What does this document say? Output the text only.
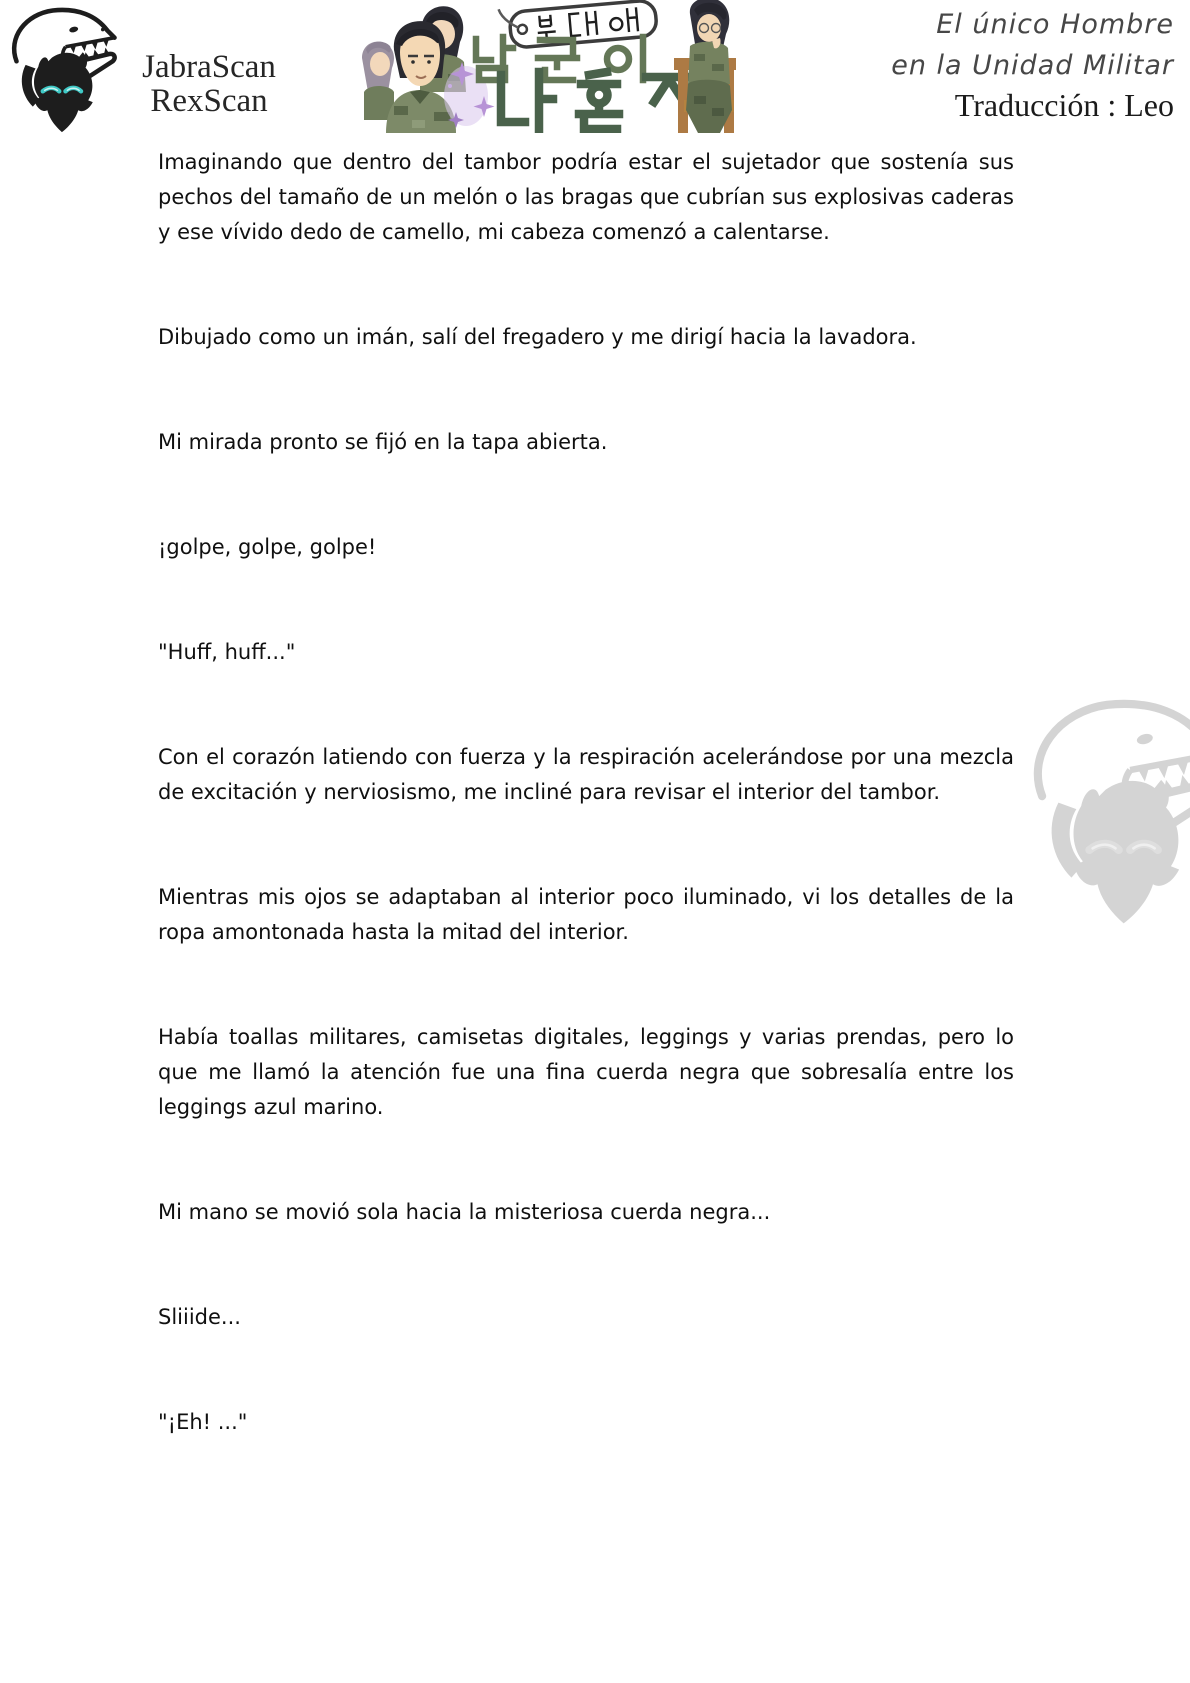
JabraScan
RexScan
El único Hombre
en la Unidad Militar
Traducción : Leo

Imaginando que dentro del tambor podría estar el sujetador que sostenía sus pechos del tamaño de un melón o las bragas que cubrían sus explosivas caderas y ese vívido dedo de camello, mi cabeza comenzó a calentarse.

Dibujado como un imán, salí del fregadero y me dirigí hacia la lavadora.

Mi mirada pronto se fijó en la tapa abierta.

¡golpe, golpe, golpe!

"Huff, huff..."

Con el corazón latiendo con fuerza y la respiración acelerándose por una mezcla de excitación y nerviosismo, me incliné para revisar el interior del tambor.

Mientras mis ojos se adaptaban al interior poco iluminado, vi los detalles de la ropa amontonada hasta la mitad del interior.

Había toallas militares, camisetas digitales, leggings y varias prendas, pero lo que me llamó la atención fue una fina cuerda negra que sobresalía entre los leggings azul marino.

Mi mano se movió sola hacia la misteriosa cuerda negra...

Sliiide...

"¡Eh! ..."
